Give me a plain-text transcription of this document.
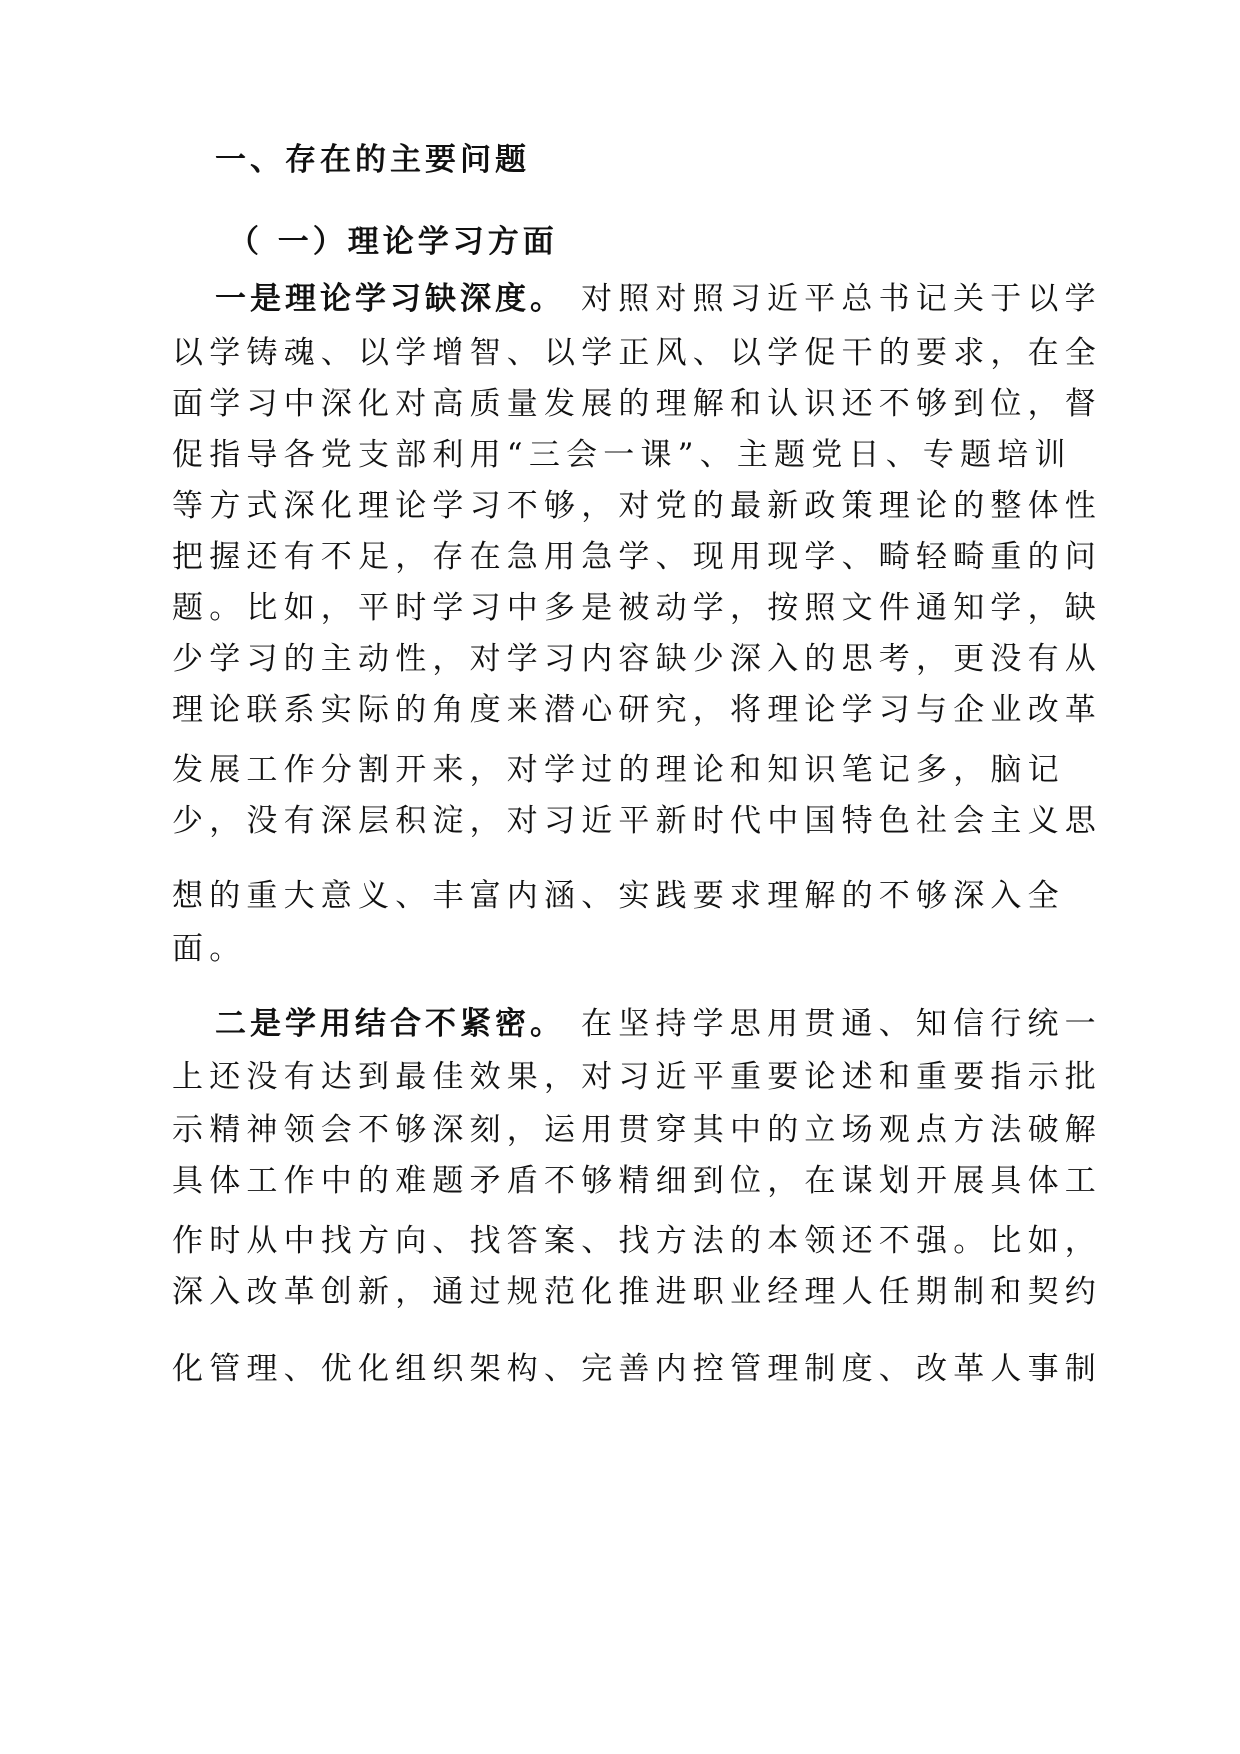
一、存在的主要问题
（ 一）理论学习方面
一是理论学习缺深度。 对照对照习近平总书记关于以学
以学铸魂、以学增智、以学正风、以学促干的要求，在全
面学习中深化对高质量发展的理解和认识还不够到位，督
促指导各党支部利用“三会一课”、主题党日、专题培训
等方式深化理论学习不够，对党的最新政策理论的整体性
把握还有不足，存在急用急学、现用现学、畸轻畸重的问
题。比如，平时学习中多是被动学，按照文件通知学，缺
少学习的主动性，对学习内容缺少深入的思考，更没有从
理论联系实际的角度来潜心研究，将理论学习与企业改革
发展工作分割开来，对学过的理论和知识笔记多，脑记
少，没有深层积淀，对习近平新时代中国特色社会主义思
想的重大意义、丰富内涵、实践要求理解的不够深入全
面。
二是学用结合不紧密。 在坚持学思用贯通、知信行统一
上还没有达到最佳效果，对习近平重要论述和重要指示批
示精神领会不够深刻，运用贯穿其中的立场观点方法破解
具体工作中的难题矛盾不够精细到位，在谋划开展具体工
作时从中找方向、找答案、找方法的本领还不强。比如，
深入改革创新，通过规范化推进职业经理人任期制和契约
化管理、优化组织架构、完善内控管理制度、改革人事制
